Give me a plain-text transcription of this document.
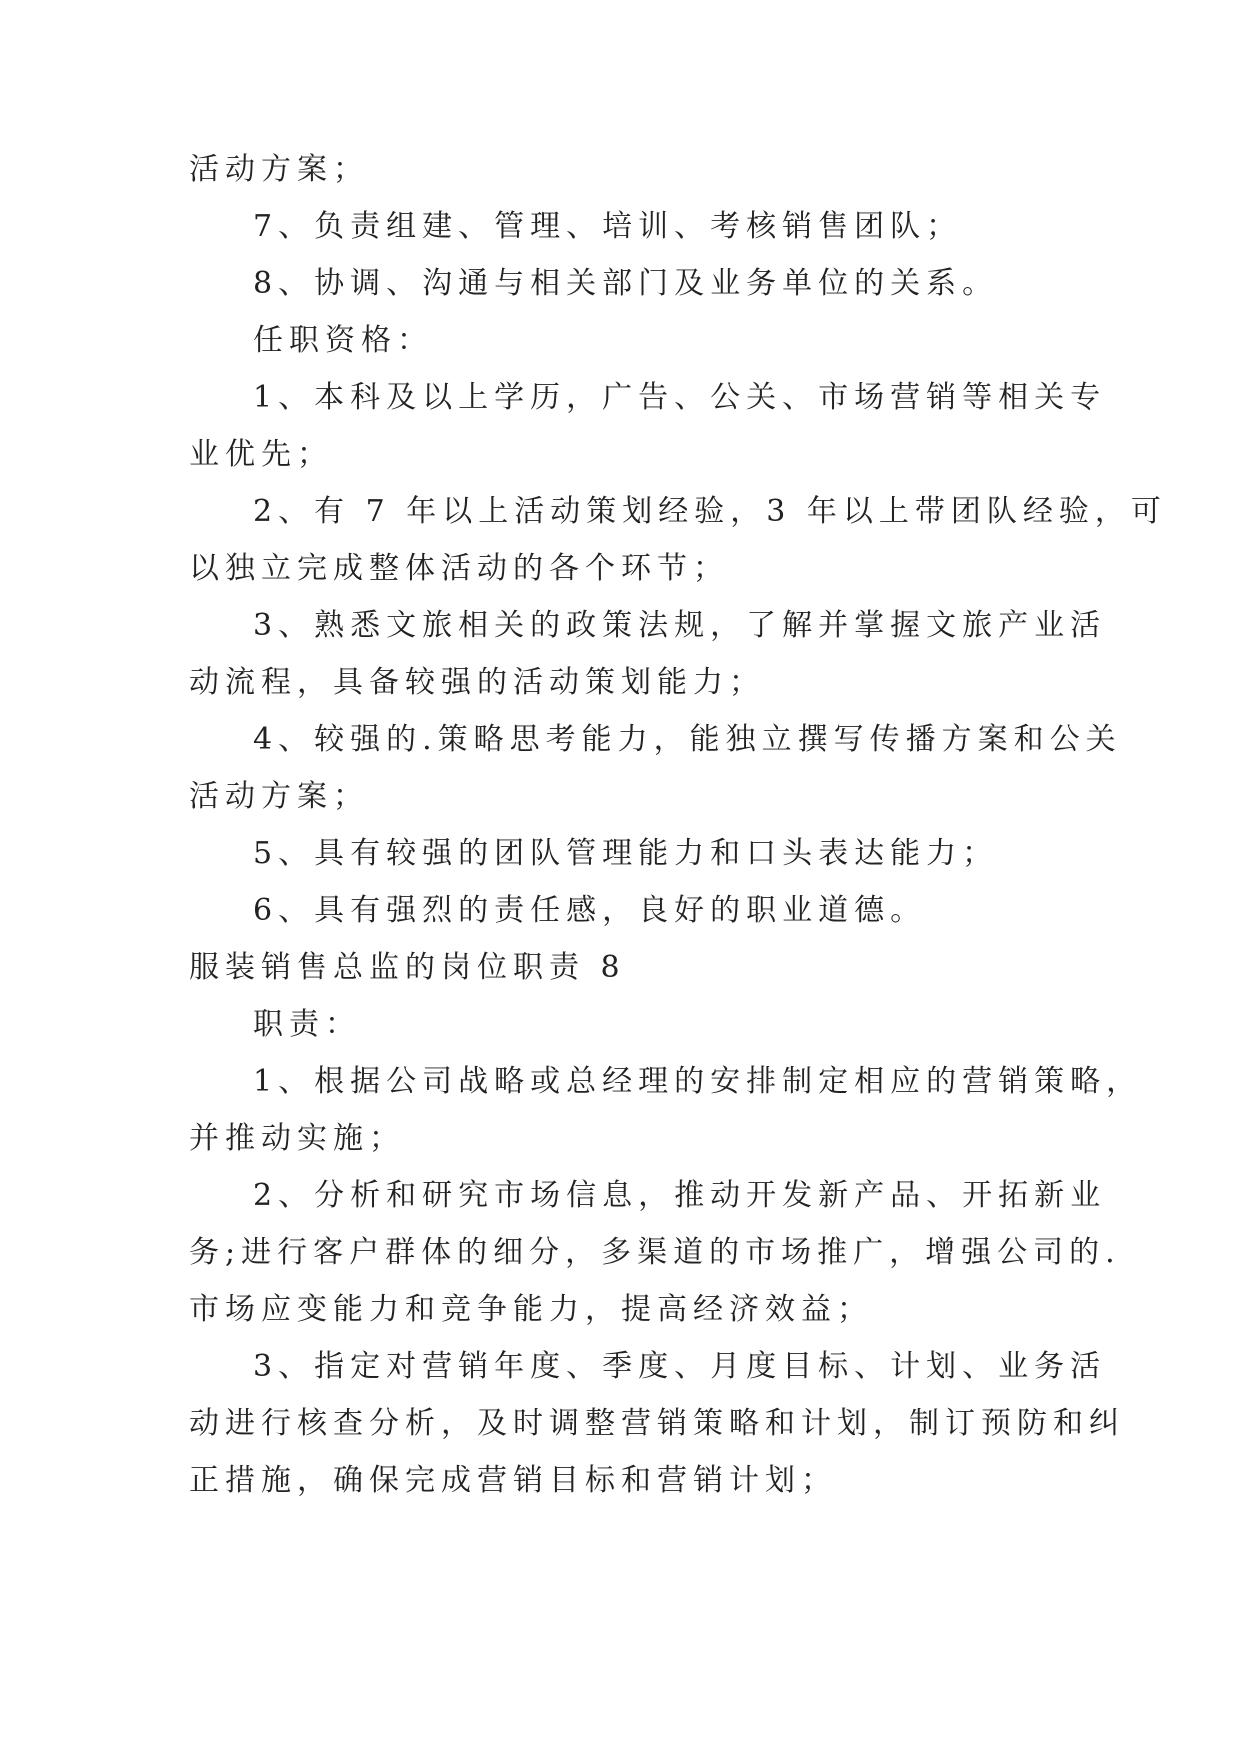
活动方案；
7、负责组建、管理、培训、考核销售团队；
8、协调、沟通与相关部门及业务单位的关系。
任职资格：
1、本科及以上学历，广告、公关、市场营销等相关专
业优先；
2、有 7 年以上活动策划经验，3 年以上带团队经验，可
以独立完成整体活动的各个环节；
3、熟悉文旅相关的政策法规，了解并掌握文旅产业活
动流程，具备较强的活动策划能力；
4、较强的.策略思考能力，能独立撰写传播方案和公关
活动方案；
5、具有较强的团队管理能力和口头表达能力；
6、具有强烈的责任感，良好的职业道德。
服装销售总监的岗位职责 8
职责：
1、根据公司战略或总经理的安排制定相应的营销策略，
并推动实施；
2、分析和研究市场信息，推动开发新产品、开拓新业
务;进行客户群体的细分，多渠道的市场推广，增强公司的.
市场应变能力和竞争能力，提高经济效益；
3、指定对营销年度、季度、月度目标、计划、业务活
动进行核查分析，及时调整营销策略和计划，制订预防和纠
正措施，确保完成营销目标和营销计划；
